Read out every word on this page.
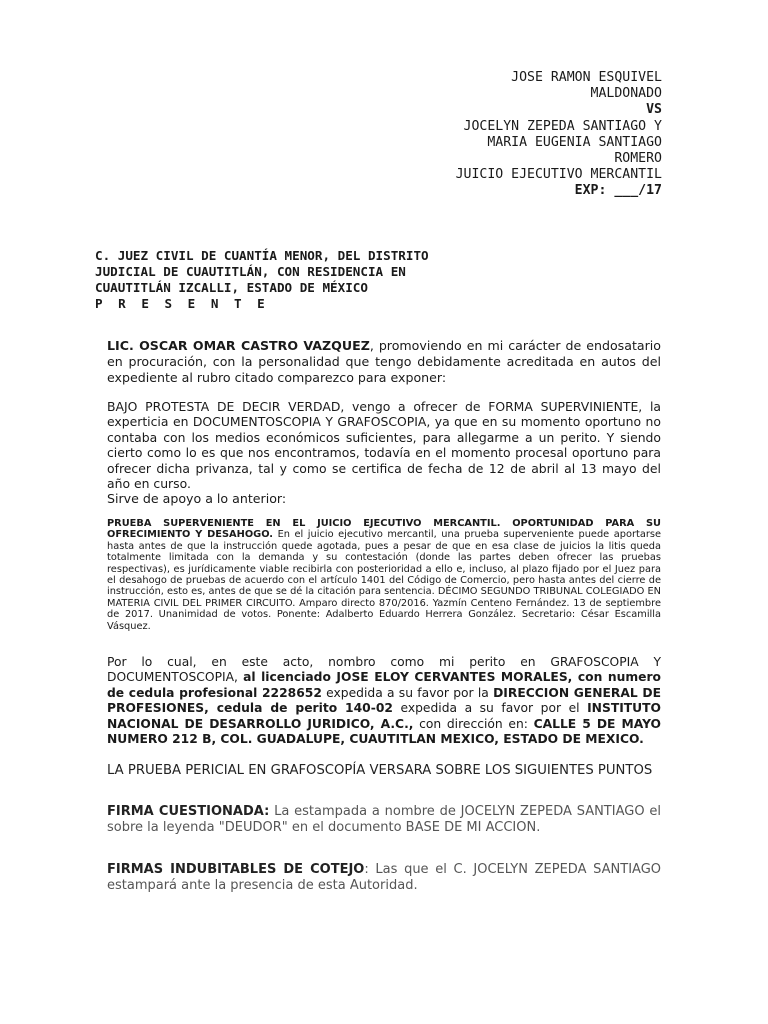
JOSE RAMON ESQUIVEL
MALDONADO
VS
JOCELYN ZEPEDA SANTIAGO Y
MARIA EUGENIA SANTIAGO
ROMERO
JUICIO EJECUTIVO MERCANTIL
EXP: ___/17
C. JUEZ CIVIL DE CUANTÍA MENOR, DEL DISTRITO
JUDICIAL DE CUAUTITLÁN, CON RESIDENCIA EN
CUAUTITLÁN IZCALLI, ESTADO DE MÉXICO
P R E S E N T E
LIC. OSCAR OMAR CASTRO VAZQUEZ, promoviendo en mi carácter de endosatario en procuración, con la personalidad que tengo debidamente acreditada en autos del expediente al rubro citado comparezco para exponer:
BAJO PROTESTA DE DECIR VERDAD, vengo a ofrecer de FORMA SUPERVINIENTE, la experticia en DOCUMENTOSCOPIA Y GRAFOSCOPIA, ya que en su momento oportuno no contaba con los medios económicos suficientes, para allegarme a un perito. Y siendo cierto como lo es que nos encontramos, todavía en el momento procesal oportuno para ofrecer dicha privanza, tal y como se certifica de fecha de 12 de abril al 13 mayo del año en curso.
Sirve de apoyo a lo anterior:
PRUEBA SUPERVENIENTE EN EL JUICIO EJECUTIVO MERCANTIL. OPORTUNIDAD PARA SU OFRECIMIENTO Y DESAHOGO. En el juicio ejecutivo mercantil, una prueba superveniente puede aportarse hasta antes de que la instrucción quede agotada, pues a pesar de que en esa clase de juicios la litis queda totalmente limitada con la demanda y su contestación (donde las partes deben ofrecer las pruebas respectivas), es jurídicamente viable recibirla con posterioridad a ello e, incluso, al plazo fijado por el Juez para el desahogo de pruebas de acuerdo con el artículo 1401 del Código de Comercio, pero hasta antes del cierre de instrucción, esto es, antes de que se dé la citación para sentencia. DÉCIMO SEGUNDO TRIBUNAL COLEGIADO EN MATERIA CIVIL DEL PRIMER CIRCUITO. Amparo directo 870/2016. Yazmín Centeno Fernández. 13 de septiembre de 2017. Unanimidad de votos. Ponente: Adalberto Eduardo Herrera González. Secretario: César Escamilla Vásquez.
Por lo cual, en este acto, nombro como mi perito en GRAFOSCOPIA Y DOCUMENTOSCOPIA, al licenciado JOSE ELOY CERVANTES MORALES, con numero de cedula profesional 2228652 expedida a su favor por la DIRECCION GENERAL DE PROFESIONES, cedula de perito 140-02 expedida a su favor por el INSTITUTO NACIONAL DE DESARROLLO JURIDICO, A.C., con dirección en: CALLE 5 DE MAYO NUMERO 212 B, COL. GUADALUPE, CUAUTITLAN MEXICO, ESTADO DE MEXICO.
LA PRUEBA PERICIAL EN GRAFOSCOPÍA VERSARA SOBRE LOS SIGUIENTES PUNTOS
FIRMA CUESTIONADA: La estampada a nombre de JOCELYN ZEPEDA SANTIAGO el sobre la leyenda "DEUDOR" en el documento BASE DE MI ACCION.
FIRMAS INDUBITABLES DE COTEJO: Las que el C. JOCELYN ZEPEDA SANTIAGO estampará ante la presencia de esta Autoridad.
